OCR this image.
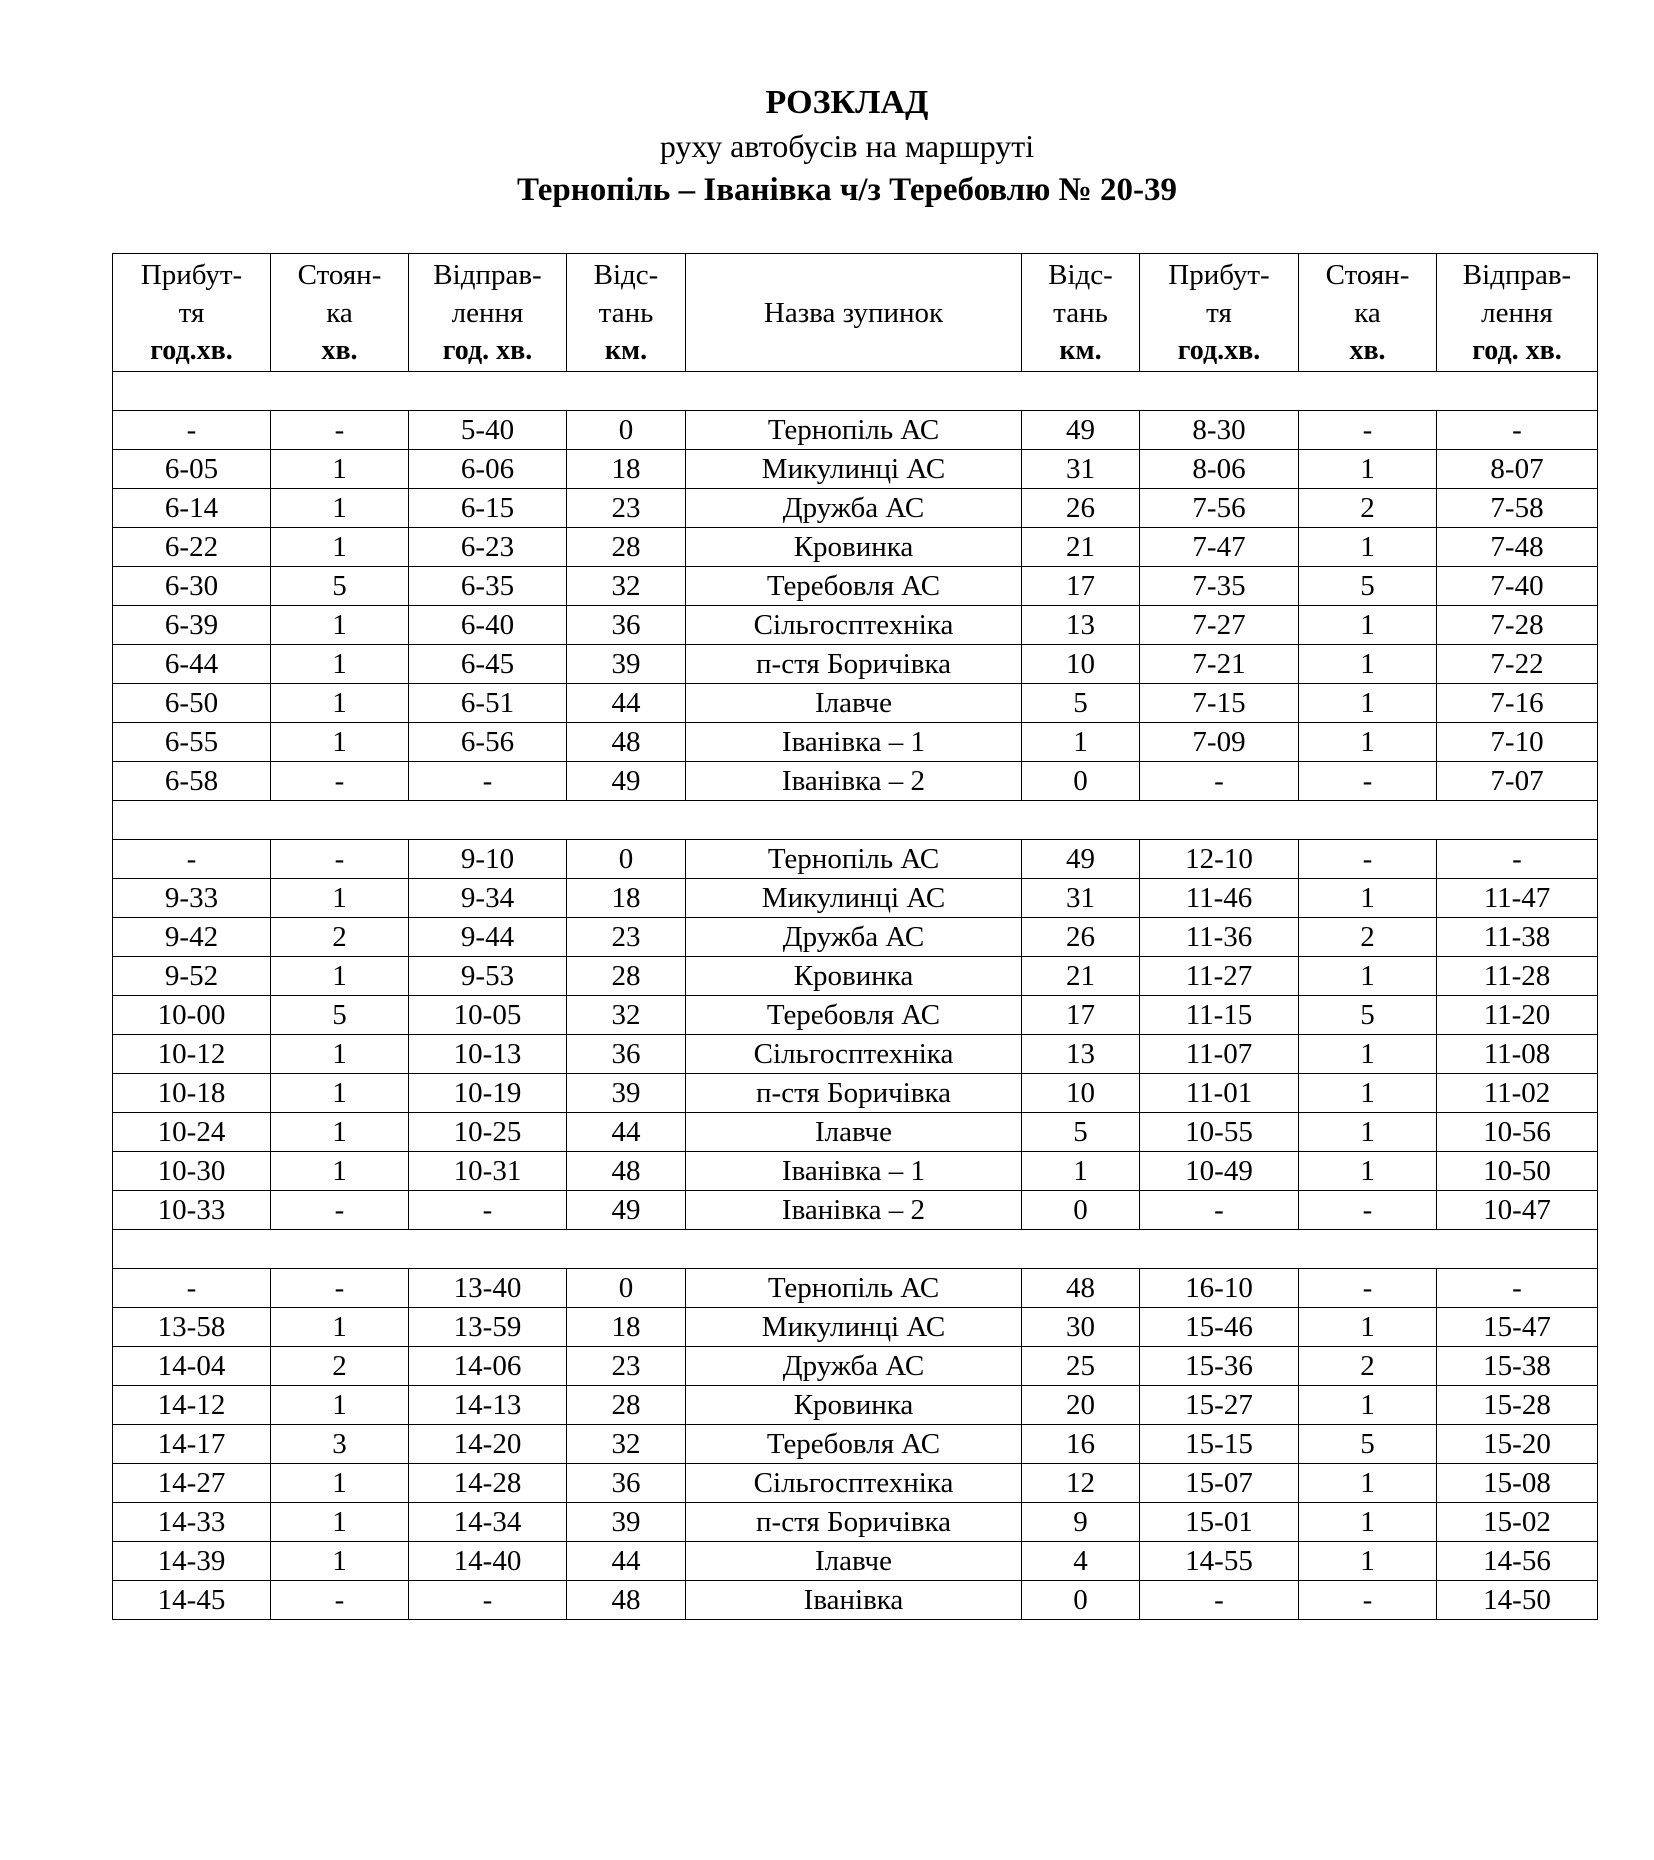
РОЗКЛАД
руху автобусів на маршруті
Тернопіль – Іванівка ч/з Теребовлю № 20-39
Прибут-
тя
год.хв.	Стоян-
ка
хв.	Відправ-
лення
год. хв.	Відс-
тань
км.	Назва зупинок	Відс-
тань
км.	Прибут-
тя
год.хв.	Стоян-
ка
хв.	Відправ-
лення
год. хв.

-	-	5-40	0	Тернопіль АС	49	8-30	-	-
6-05	1	6-06	18	Микулинці АС	31	8-06	1	8-07
6-14	1	6-15	23	Дружба АС	26	7-56	2	7-58
6-22	1	6-23	28	Кровинка	21	7-47	1	7-48
6-30	5	6-35	32	Теребовля АС	17	7-35	5	7-40
6-39	1	6-40	36	Сільгосптехніка	13	7-27	1	7-28
6-44	1	6-45	39	п-стя Боричівка	10	7-21	1	7-22
6-50	1	6-51	44	Ілавче	5	7-15	1	7-16
6-55	1	6-56	48	Іванівка – 1	1	7-09	1	7-10
6-58	-	-	49	Іванівка – 2	0	-	-	7-07

-	-	9-10	0	Тернопіль АС	49	12-10	-	-
9-33	1	9-34	18	Микулинці АС	31	11-46	1	11-47
9-42	2	9-44	23	Дружба АС	26	11-36	2	11-38
9-52	1	9-53	28	Кровинка	21	11-27	1	11-28
10-00	5	10-05	32	Теребовля АС	17	11-15	5	11-20
10-12	1	10-13	36	Сільгосптехніка	13	11-07	1	11-08
10-18	1	10-19	39	п-стя Боричівка	10	11-01	1	11-02
10-24	1	10-25	44	Ілавче	5	10-55	1	10-56
10-30	1	10-31	48	Іванівка – 1	1	10-49	1	10-50
10-33	-	-	49	Іванівка – 2	0	-	-	10-47

-	-	13-40	0	Тернопіль АС	48	16-10	-	-
13-58	1	13-59	18	Микулинці АС	30	15-46	1	15-47
14-04	2	14-06	23	Дружба АС	25	15-36	2	15-38
14-12	1	14-13	28	Кровинка	20	15-27	1	15-28
14-17	3	14-20	32	Теребовля АС	16	15-15	5	15-20
14-27	1	14-28	36	Сільгосптехніка	12	15-07	1	15-08
14-33	1	14-34	39	п-стя Боричівка	9	15-01	1	15-02
14-39	1	14-40	44	Ілавче	4	14-55	1	14-56
14-45	-	-	48	Іванівка	0	-	-	14-50
